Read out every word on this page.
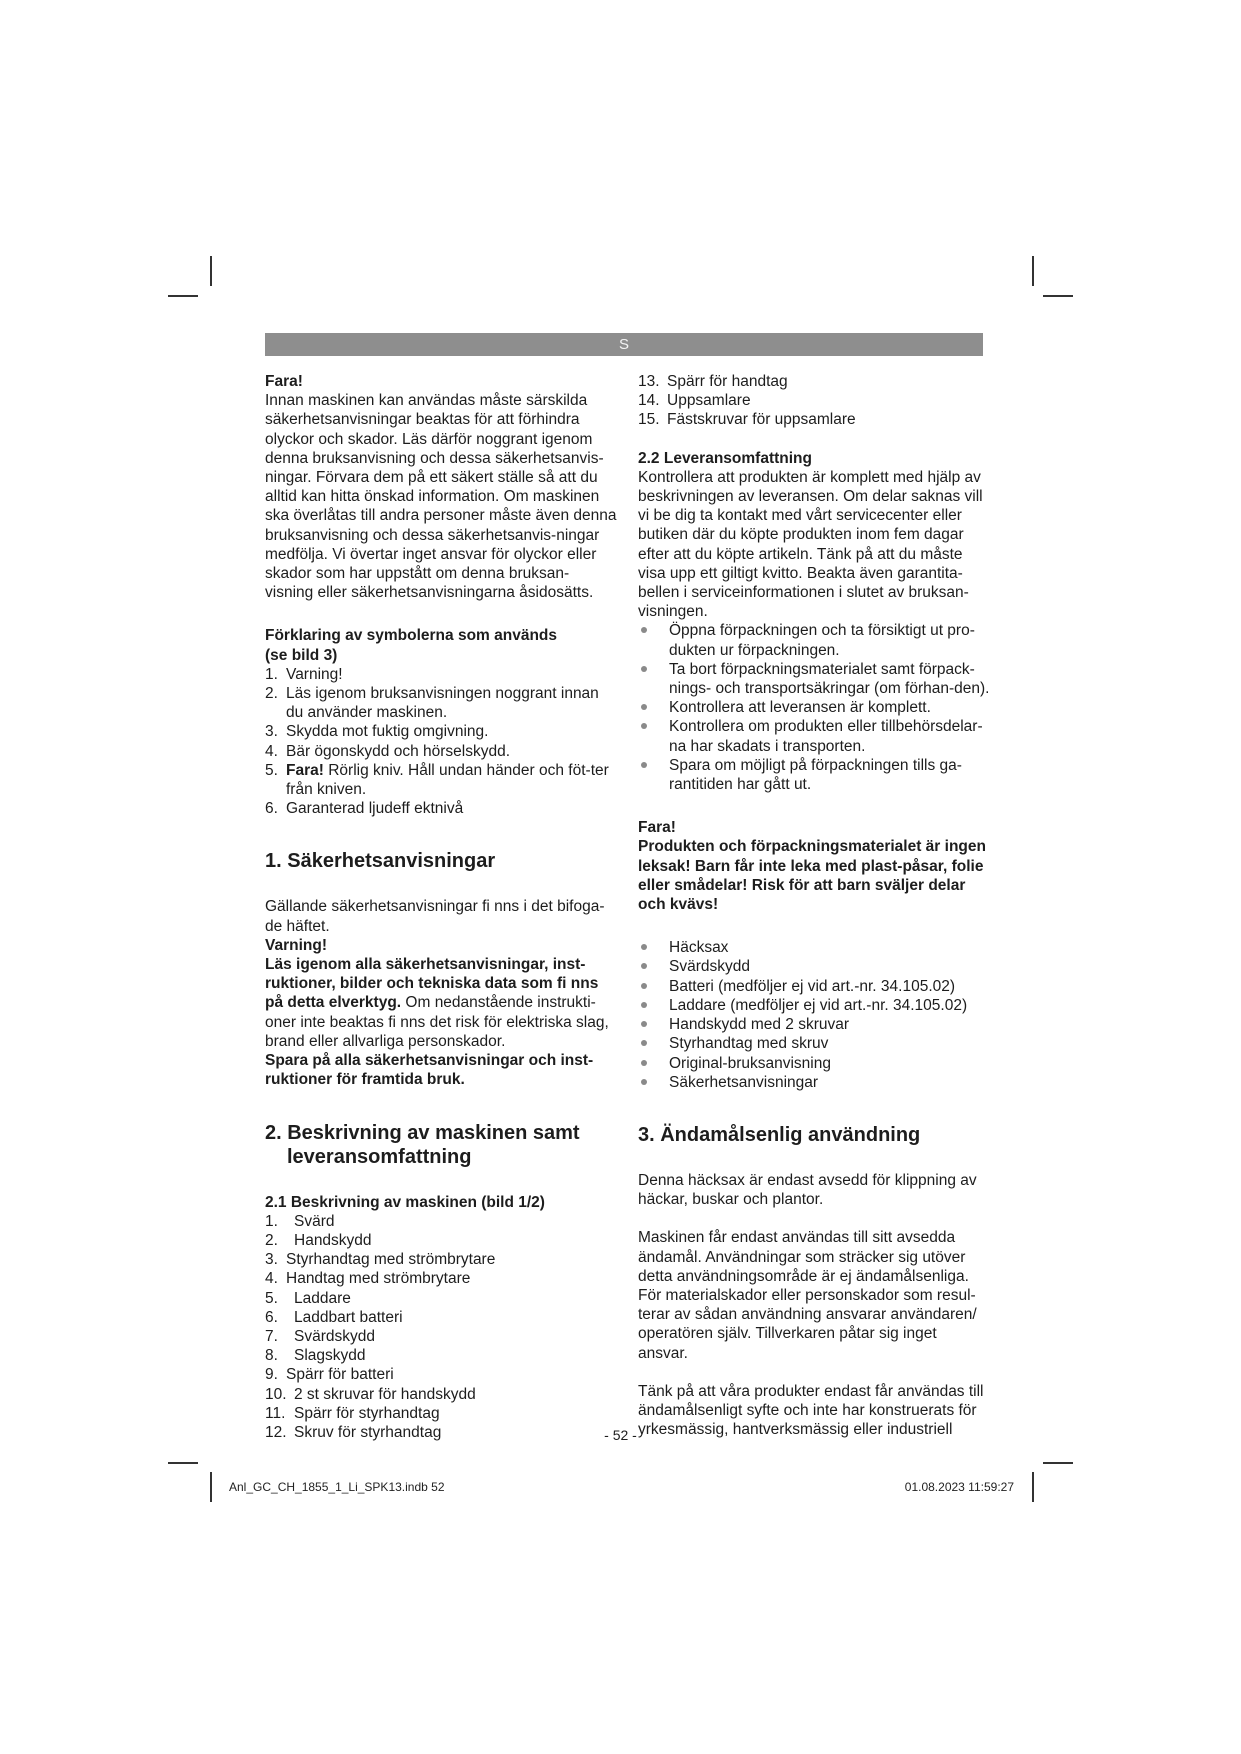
S

Fara!

Innan maskinen kan användas måste särskilda säkerhetsanvisningar beaktas för att förhindra olyckor och skador. Läs därför noggrant igenom denna bruksanvisning och dessa säkerhetsanvis-ningar. Förvara dem på ett säkert ställe så att du alltid kan hitta önskad information. Om maskinen ska överlåtas till andra personer måste även denna bruksanvisning och dessa säkerhetsanvis-ningar medfölja. Vi övertar inget ansvar för olyckor eller skador som har uppstått om denna bruksan-visning eller säkerhetsanvisningarna åsidosätts.

Förklaring av symbolerna som används

(se bild 3)

1. Varning!
2. Läs igenom bruksanvisningen noggrant innan du använder maskinen.
3. Skydda mot fuktig omgivning.
4. Bär ögonskydd och hörselskydd.
5. Fara! Rörlig kniv. Håll undan händer och föt-ter från kniven.
6. Garanterad ljudeff ektnivå

1. Säkerhetsanvisningar

Gällande säkerhetsanvisningar fi nns i det bifoga-de häftet.

Varning!

Läs igenom alla säkerhetsanvisningar, inst-ruktioner, bilder och tekniska data som fi nns på detta elverktyg. Om nedanstående instrukti-oner inte beaktas fi nns det risk för elektriska slag, brand eller allvarliga personskador.

Spara på alla säkerhetsanvisningar och inst-ruktioner för framtida bruk.

2. Beskrivning av maskinen samt
leveransomfattning

2.1 Beskrivning av maskinen (bild 1/2)

1. Svärd
2. Handskydd
3. Styrhandtag med strömbrytare
4. Handtag med strömbrytare
5. Laddare
6. Laddbart batteri
7. Svärdskydd
8. Slagskydd
9. Spärr för batteri
10. 2 st skruvar för handskydd
11. Spärr för styrhandtag
12. Skruv för styrhandtag
13. Spärr för handtag
14. Uppsamlare
15. Fästskruvar för uppsamlare

2.2 Leveransomfattning

Kontrollera att produkten är komplett med hjälp av beskrivningen av leveransen. Om delar saknas vill vi be dig ta kontakt med vårt servicecenter eller butiken där du köpte produkten inom fem dagar efter att du köpte artikeln. Tänk på att du måste visa upp ett giltigt kvitto. Beakta även garantita-bellen i serviceinformationen i slutet av bruksan-visningen.

Öppna förpackningen och ta försiktigt ut pro-dukten ur förpackningen.
Ta bort förpackningsmaterialet samt förpack-nings- och transportsäkringar (om förhan-den).
Kontrollera att leveransen är komplett.
Kontrollera om produkten eller tillbehörsdelar-na har skadats i transporten.
Spara om möjligt på förpackningen tills ga-rantitiden har gått ut.

Fara!

Produkten och förpackningsmaterialet är ingen leksak! Barn får inte leka med plast-påsar, folie eller smådelar! Risk för att barn sväljer delar och kvävs!

Häcksax
Svärdskydd
Batteri (medföljer ej vid art.-nr. 34.105.02)
Laddare (medföljer ej vid art.-nr. 34.105.02)
Handskydd med 2 skruvar
Styrhandtag med skruv
Original-bruksanvisning
Säkerhetsanvisningar

3. Ändamålsenlig användning

Denna häcksax är endast avsedd för klippning av häckar, buskar och plantor.

Maskinen får endast användas till sitt avsedda ändamål. Användningar som sträcker sig utöver detta användningsområde är ej ändamålsenliga. För materialskador eller personskador som resul-terar av sådan användning ansvarar användaren/ operatören själv. Tillverkaren påtar sig inget ansvar.

Tänk på att våra produkter endast får användas till ändamålsenligt syfte och inte har konstruerats för yrkesmässig, hantverksmässig eller industriell

- 52 -
Anl_GC_CH_1855_1_Li_SPK13.indb 52	01.08.2023 11:59:27
